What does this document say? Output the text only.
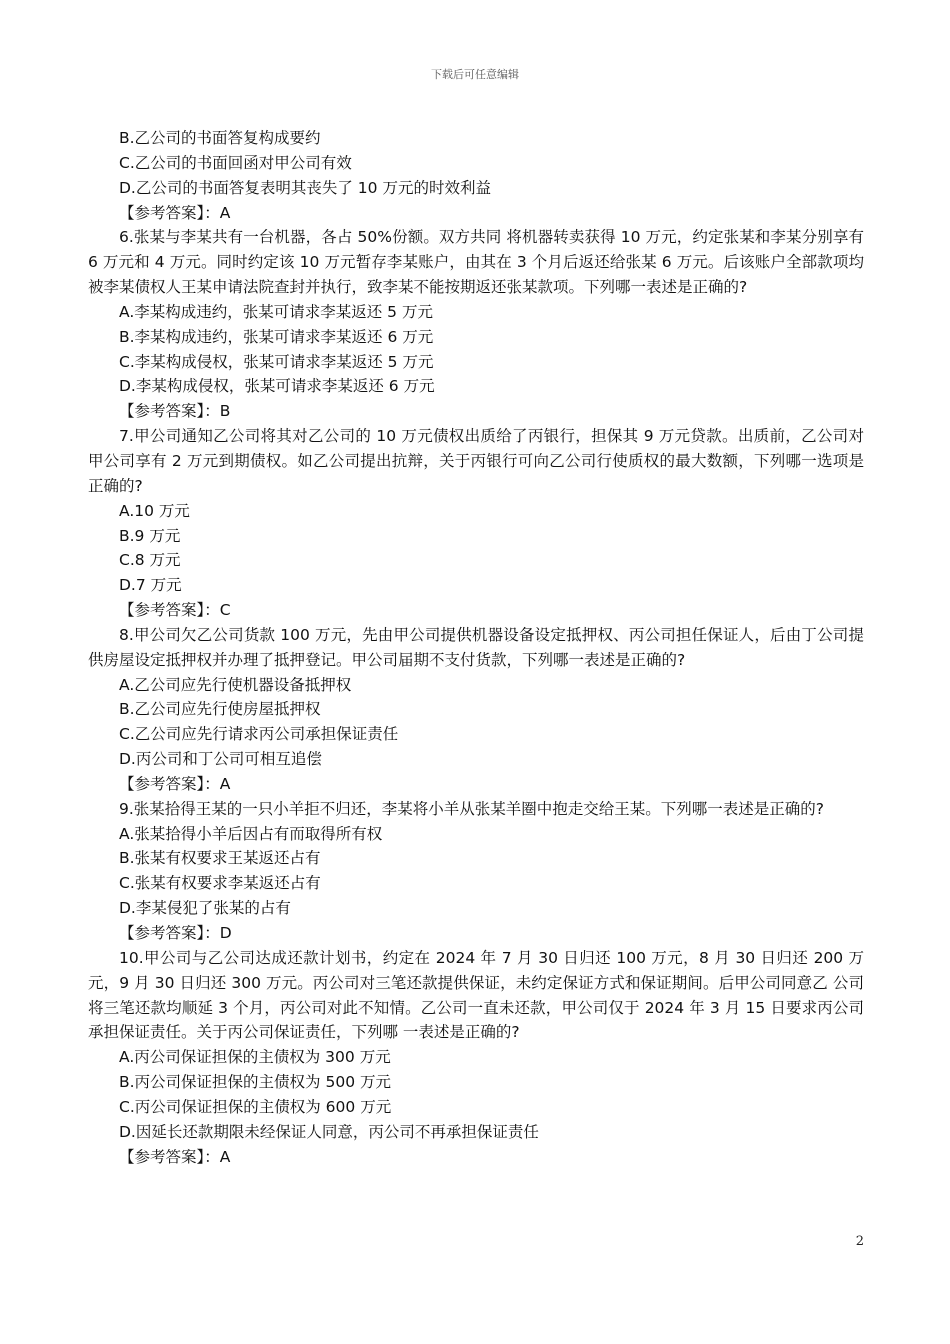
下载后可任意编辑
B.乙公司的书面答复构成要约
C.乙公司的书面回函对甲公司有效
D.乙公司的书面答复表明其丧失了 10 万元的时效利益
【参考答案】：A
6.张某与李某共有一台机器，各占 50%份额。双方共同 将机器转卖获得 10 万元，约定张某和李某分别享有 6 万元和 4 万元。同时约定该 10 万元暂存李某账户，由其在 3 个月后返还给张某 6 万元。后该账户全部款项均 被李某债权人王某申请法院查封并执行，致李某不能按期返还张某款项。下列哪一表述是正确的?
A.李某构成违约，张某可请求李某返还 5 万元
B.李某构成违约，张某可请求李某返还 6 万元
C.李某构成侵权，张某可请求李某返还 5 万元
D.李某构成侵权，张某可请求李某返还 6 万元
【参考答案】：B
7.甲公司通知乙公司将其对乙公司的 10 万元债权出质给了丙银行，担保其 9 万元贷款。出质前，乙公司对甲公司享有 2 万元到期债权。如乙公司提出抗辩，关于丙银行可向乙公司行使质权的最大数额，下列哪一选项是正确的?
A.10 万元
B.9 万元
C.8 万元
D.7 万元
【参考答案】：C
8.甲公司欠乙公司货款 100 万元，先由甲公司提供机器设备设定抵押权、丙公司担任保证人，后由丁公司提供房屋设定抵押权并办理了抵押登记。甲公司届期不支付货款，下列哪一表述是正确的?
A.乙公司应先行使机器设备抵押权
B.乙公司应先行使房屋抵押权
C.乙公司应先行请求丙公司承担保证责任
D.丙公司和丁公司可相互追偿
【参考答案】：A
9.张某拾得王某的一只小羊拒不归还，李某将小羊从张某羊圈中抱走交给王某。下列哪一表述是正确的?
A.张某拾得小羊后因占有而取得所有权
B.张某有权要求王某返还占有
C.张某有权要求李某返还占有
D.李某侵犯了张某的占有
【参考答案】：D
10.甲公司与乙公司达成还款计划书，约定在 2024 年 7 月 30 日归还 100 万元，8 月 30 日归还 200 万元，9 月 30 日归还 300 万元。丙公司对三笔还款提供保证，未约定保证方式和保证期间。后甲公司同意乙 公司将三笔还款均顺延 3 个月，丙公司对此不知情。乙公司一直未还款，甲公司仅于 2024 年 3 月 15 日要求丙公司承担保证责任。关于丙公司保证责任，下列哪 一表述是正确的?
A.丙公司保证担保的主债权为 300 万元
B.丙公司保证担保的主债权为 500 万元
C.丙公司保证担保的主债权为 600 万元
D.因延长还款期限未经保证人同意，丙公司不再承担保证责任
【参考答案】：A
2
